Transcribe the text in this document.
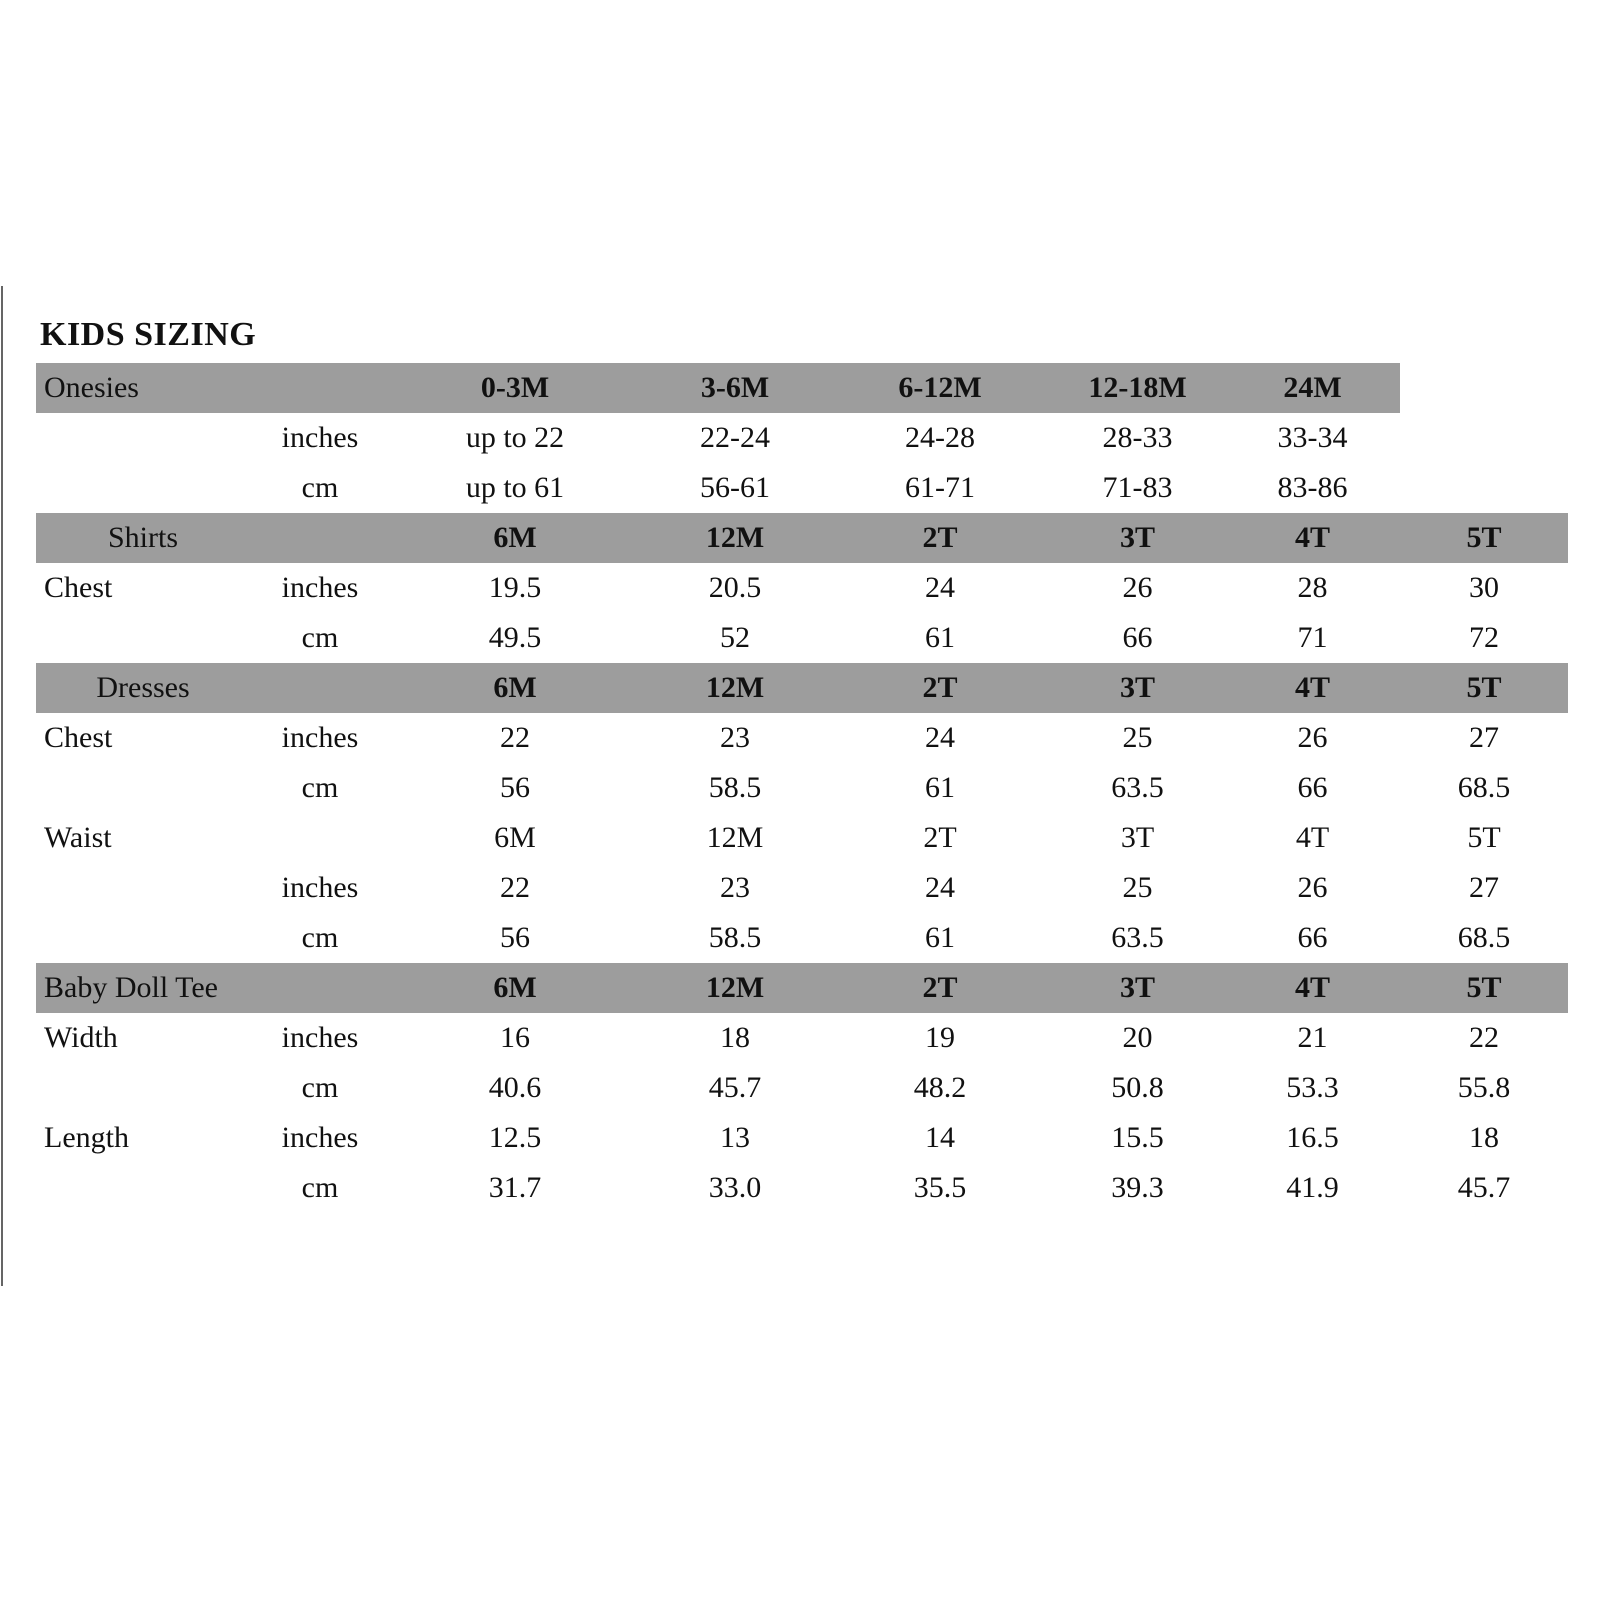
KIDS SIZING
Onesies		0-3M	3-6M	6-12M	12-18M	24M	
	inches	up to 22	22-24	24-28	28-33	33-34	
	cm	up to 61	56-61	61-71	71-83	83-86	
Shirts		6M	12M	2T	3T	4T	5T
Chest	inches	19.5	20.5	24	26	28	30
	cm	49.5	52	61	66	71	72
Dresses		6M	12M	2T	3T	4T	5T
Chest	inches	22	23	24	25	26	27
	cm	56	58.5	61	63.5	66	68.5
Waist		6M	12M	2T	3T	4T	5T
	inches	22	23	24	25	26	27
	cm	56	58.5	61	63.5	66	68.5
Baby Doll Tee		6M	12M	2T	3T	4T	5T
Width	inches	16	18	19	20	21	22
	cm	40.6	45.7	48.2	50.8	53.3	55.8
Length	inches	12.5	13	14	15.5	16.5	18
	cm	31.7	33.0	35.5	39.3	41.9	45.7
